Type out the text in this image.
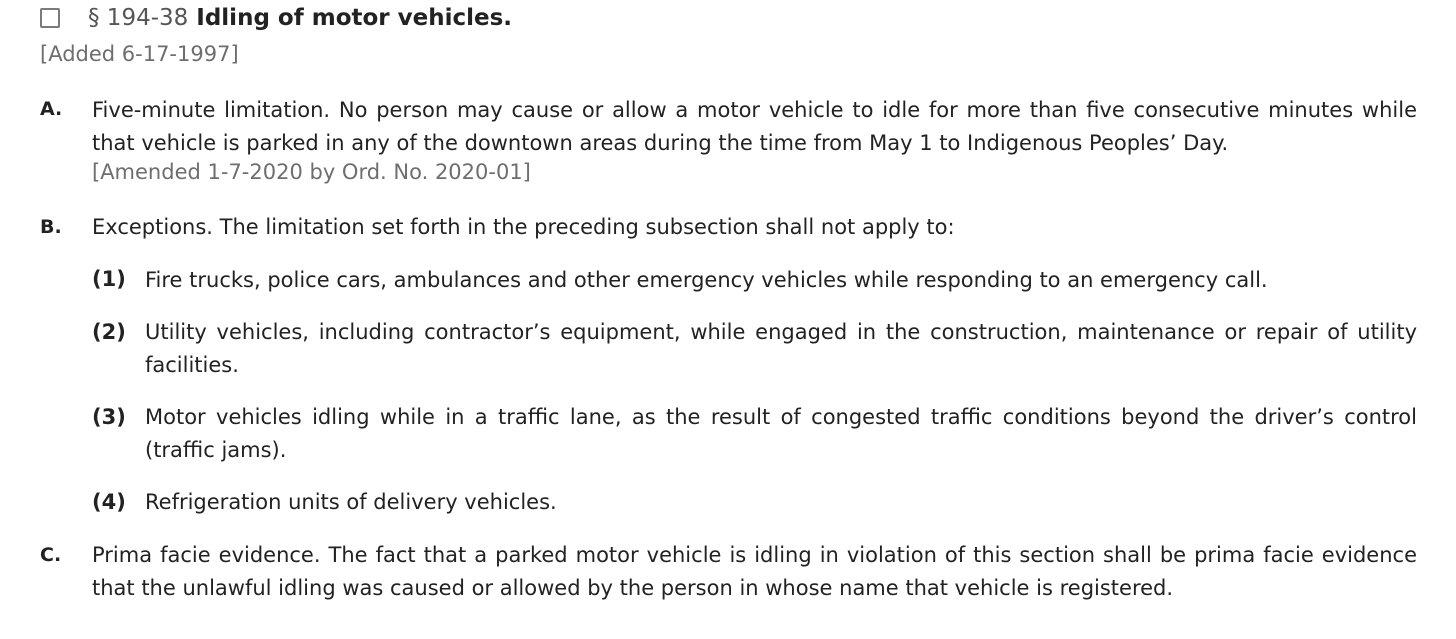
§ 194-38 Idling of motor vehicles.
[Added 6-17-1997]
A. Five-minute limitation. No person may cause or allow a motor vehicle to idle for more than five consecutive minutes while that vehicle is parked in any of the downtown areas during the time from May 1 to Indigenous Peoples’ Day.

[Amended 1-7-2020 by Ord. No. 2020-01]
B. Exceptions. The limitation set forth in the preceding subsection shall not apply to:

(1) Fire trucks, police cars, ambulances and other emergency vehicles while responding to an emergency call.

(2) Utility vehicles, including contractor’s equipment, while engaged in the construction, maintenance or repair of utility facilities.

(3) Motor vehicles idling while in a traffic lane, as the result of congested traffic conditions beyond the driver’s control (traffic jams).

(4) Refrigeration units of delivery vehicles.

C. Prima facie evidence. The fact that a parked motor vehicle is idling in violation of this section shall be prima facie evidence that the unlawful idling was caused or allowed by the person in whose name that vehicle is registered.
